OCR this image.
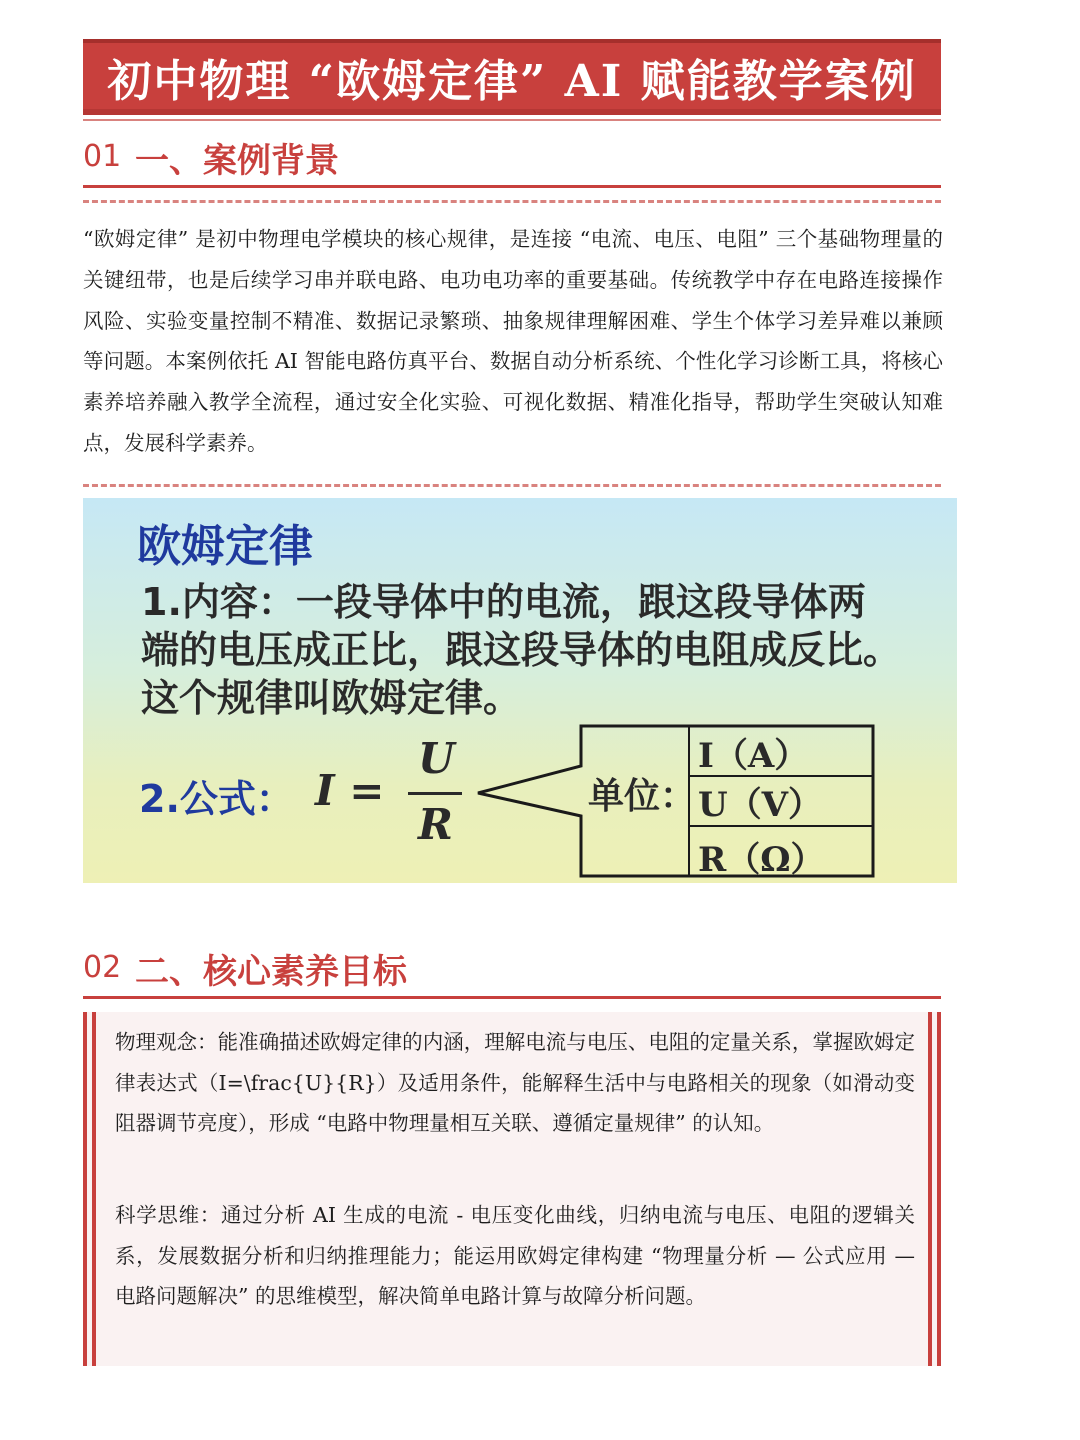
初中物理 “欧姆定律” AI 赋能教学案例
01 一、案例背景
“欧姆定律” 是初中物理电学模块的核心规律，是连接 “电流、电压、电阻” 三个基础物理量的关键纽带，也是后续学习串并联电路、电功电功率的重要基础。传统教学中存在电路连接操作风险、实验变量控制不精准、数据记录繁琐、抽象规律理解困难、学生个体学习差异难以兼顾等问题。本案例依托 AI 智能电路仿真平台、数据自动分析系统、个性化学习诊断工具，将核心素养培养融入教学全流程，通过安全化实验、可视化数据、精准化指导，帮助学生突破认知难点，发展科学素养。
欧姆定律
1.内容：一段导体中的电流，跟这段导体两
端的电压成正比，跟这段导体的电阻成反比。
这个规律叫欧姆定律。
2.公式： I =
U
R
单位：
I（A）
U（V）
R（Ω）
02 二、核心素养目标
物理观念：能准确描述欧姆定律的内涵，理解电流与电压、电阻的定量关系，掌握欧姆定律表达式（I=\frac{U}{R}）及适用条件，能解释生活中与电路相关的现象（如滑动变阻器调节亮度），形成 “电路中物理量相互关联、遵循定量规律” 的认知。
科学思维：通过分析 AI 生成的电流 - 电压变化曲线，归纳电流与电压、电阻的逻辑关系，发展数据分析和归纳推理能力；能运用欧姆定律构建 “物理量分析 — 公式应用 — 电路问题解决” 的思维模型，解决简单电路计算与故障分析问题。
